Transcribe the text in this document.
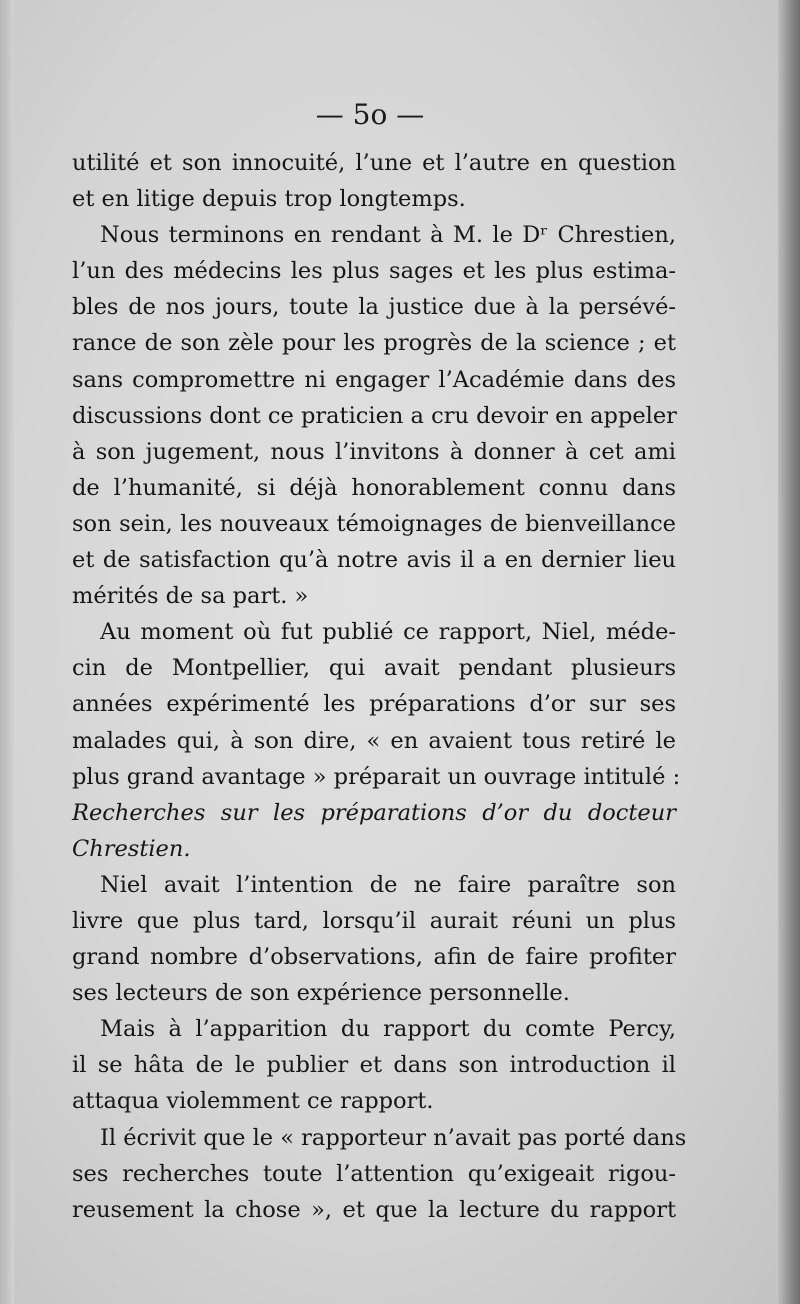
— 5o —
utilité et son innocuité, l’une et l’autre en question
et en litige depuis trop longtemps.
Nous terminons en rendant à M. le Dʳ Chrestien,
l’un des médecins les plus sages et les plus estima-
bles de nos jours, toute la justice due à la persévé-
rance de son zèle pour les progrès de la science ; et
sans compromettre ni engager l’Académie dans des
discussions dont ce praticien a cru devoir en appeler
à son jugement, nous l’invitons à donner à cet ami
de l’humanité, si déjà honorablement connu dans
son sein, les nouveaux témoignages de bienveillance
et de satisfaction qu’à notre avis il a en dernier lieu
mérités de sa part. »
Au moment où fut publié ce rapport, Niel, méde-
cin de Montpellier, qui avait pendant plusieurs
années expérimenté les préparations d’or sur ses
malades qui, à son dire, « en avaient tous retiré le
plus grand avantage » préparait un ouvrage intitulé :
Recherches sur les préparations d’or du docteur
Chrestien.
Niel avait l’intention de ne faire paraître son
livre que plus tard, lorsqu’il aurait réuni un plus
grand nombre d’observations, afin de faire profiter
ses lecteurs de son expérience personnelle.
Mais à l’apparition du rapport du comte Percy,
il se hâta de le publier et dans son introduction il
attaqua violemment ce rapport.
Il écrivit que le « rapporteur n’avait pas porté dans
ses recherches toute l’attention qu’exigeait rigou-
reusement la chose », et que la lecture du rapport
